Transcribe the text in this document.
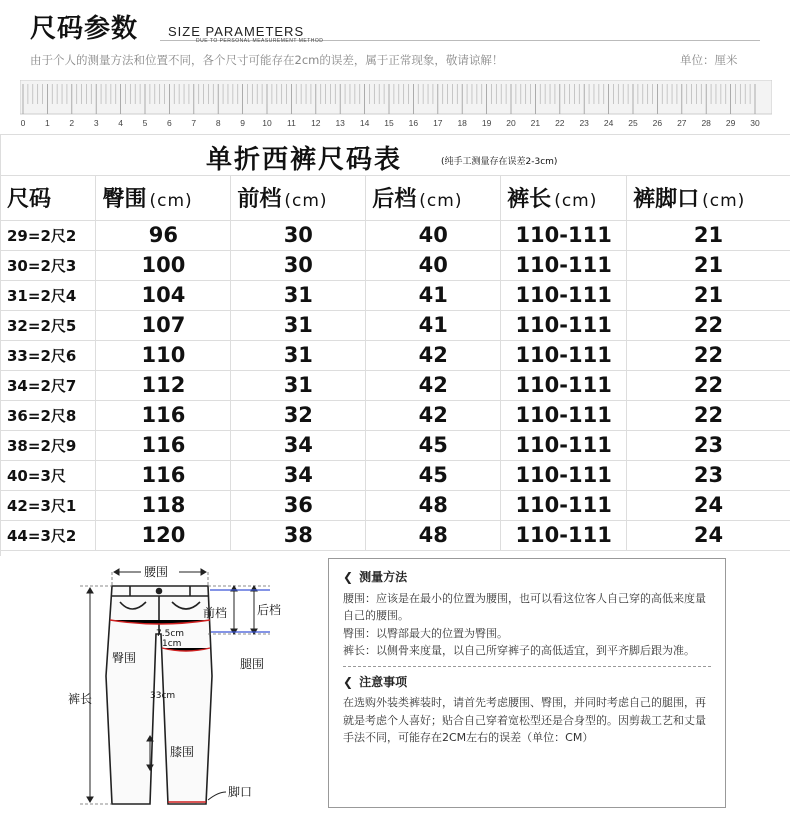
尺码参数 SIZE PARAMETERS
DUE TO PERSONAL MEASUREMENT METHOD
由于个人的测量方法和位置不同，各个尺寸可能存在2cm的误差，属于正常现象，敬请谅解！	单位：厘米
0 1 2 3 4 5 6 7 8 9 10 11 12 13 14 15 16 17 18 19 20 21 22 23 24 25 26 27 28 29 30
单折西裤尺码表	(纯手工测量存在误差2-3cm)
尺码	臀围 (cm)	前档 (cm)	后档 (cm)	裤长 (cm)	裤脚口 (cm)
29=2尺2	96	30	40	110-111	21
30=2尺3	100	30	40	110-111	21
31=2尺4	104	31	41	110-111	21
32=2尺5	107	31	41	110-111	22
33=2尺6	110	31	42	110-111	22
34=2尺7	112	31	42	110-111	22
36=2尺8	116	32	42	110-111	22
38=2尺9	116	34	45	110-111	23
40=3尺	116	34	45	110-111	23
42=3尺1	118	36	48	110-111	24
44=3尺2	120	38	48	110-111	24
腰围
前档 后档
臀围	腿围
7.5cm
1cm
33cm
裤长
膝围
脚口
❮ 测量方法

腰围：应该是在最小的位置为腰围，也可以看这位客人自己穿的高低来度量自己的腰围。

臀围：以臀部最大的位置为臀围。

裤长：以侧骨来度量，以自己所穿裤子的高低适宜，到平齐脚后跟为准。

❮ 注意事项

在选购外装类裤装时，请首先考虑腰围、臀围，并同时考虑自己的腿围，再就是考虑个人喜好；贴合自己穿着宽松型还是合身型的。因剪裁工艺和丈量手法不同，可能存在2CM左右的误差（单位：CM）
